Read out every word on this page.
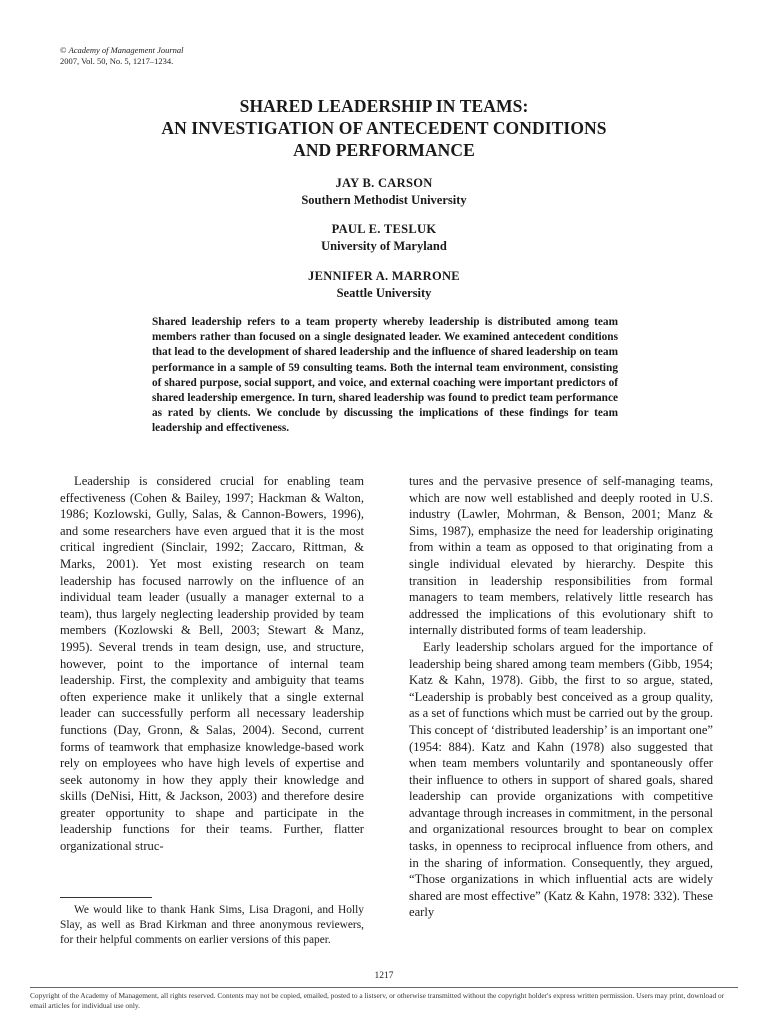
© Academy of Management Journal
2007, Vol. 50, No. 5, 1217–1234.
SHARED LEADERSHIP IN TEAMS:
AN INVESTIGATION OF ANTECEDENT CONDITIONS
AND PERFORMANCE
JAY B. CARSON
Southern Methodist University
PAUL E. TESLUK
University of Maryland
JENNIFER A. MARRONE
Seattle University
Shared leadership refers to a team property whereby leadership is distributed among team members rather than focused on a single designated leader. We examined antecedent conditions that lead to the development of shared leadership and the influence of shared leadership on team performance in a sample of 59 consulting teams. Both the internal team environment, consisting of shared purpose, social support, and voice, and external coaching were important predictors of shared leadership emergence. In turn, shared leadership was found to predict team performance as rated by clients. We conclude by discussing the implications of these findings for team leadership and effectiveness.

Leadership is considered crucial for enabling team effectiveness (Cohen & Bailey, 1997; Hackman & Walton, 1986; Kozlowski, Gully, Salas, & Cannon-Bowers, 1996), and some researchers have even argued that it is the most critical ingredient (Sinclair, 1992; Zaccaro, Rittman, & Marks, 2001). Yet most existing research on team leadership has focused narrowly on the influence of an individual team leader (usually a manager external to a team), thus largely neglecting leadership provided by team members (Kozlowski & Bell, 2003; Stewart & Manz, 1995). Several trends in team design, use, and structure, however, point to the importance of internal team leadership. First, the complexity and ambiguity that teams often experience make it unlikely that a single external leader can successfully perform all necessary leadership functions (Day, Gronn, & Salas, 2004). Second, current forms of teamwork that emphasize knowledge-based work rely on employees who have high levels of expertise and seek autonomy in how they apply their knowledge and skills (DeNisi, Hitt, & Jackson, 2003) and therefore desire greater opportunity to shape and participate in the leadership functions for their teams. Further, flatter organizational struc-

tures and the pervasive presence of self-managing teams, which are now well established and deeply rooted in U.S. industry (Lawler, Mohrman, & Benson, 2001; Manz & Sims, 1987), emphasize the need for leadership originating from within a team as opposed to that originating from a single individual elevated by hierarchy. Despite this transition in leadership responsibilities from formal managers to team members, relatively little research has addressed the implications of this evolutionary shift to internally distributed forms of team leadership.

Early leadership scholars argued for the importance of leadership being shared among team members (Gibb, 1954; Katz & Kahn, 1978). Gibb, the first to so argue, stated, “Leadership is probably best conceived as a group quality, as a set of functions which must be carried out by the group. This concept of ‘distributed leadership’ is an important one” (1954: 884). Katz and Kahn (1978) also suggested that when team members voluntarily and spontaneously offer their influence to others in support of shared goals, shared leadership can provide organizations with competitive advantage through increases in commitment, in the personal and organizational resources brought to bear on complex tasks, in openness to reciprocal influence from others, and in the sharing of information. Consequently, they argued, “Those organizations in which influential acts are widely shared are most effective” (Katz & Kahn, 1978: 332). These early

We would like to thank Hank Sims, Lisa Dragoni, and Holly Slay, as well as Brad Kirkman and three anonymous reviewers, for their helpful comments on earlier versions of this paper.
1217
Copyright of the Academy of Management, all rights reserved. Contents may not be copied, emailed, posted to a listserv, or otherwise transmitted without the copyright holder's express written permission. Users may print, download or email articles for individual use only.
